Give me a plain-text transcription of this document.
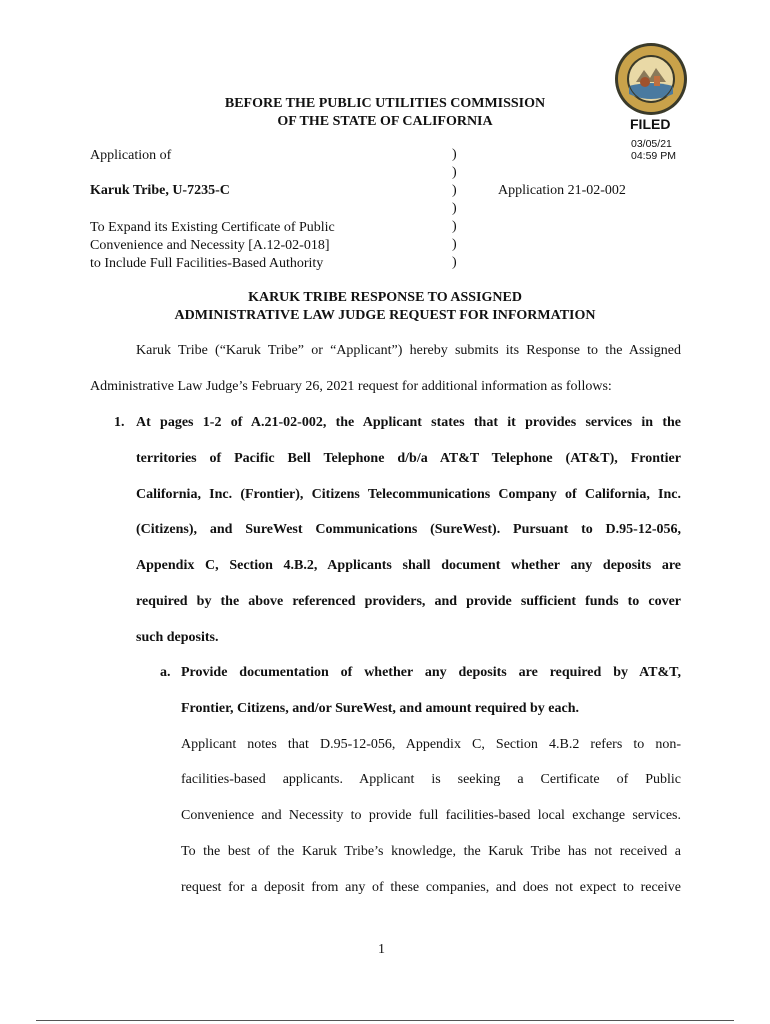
BEFORE THE PUBLIC UTILITIES COMMISSION
OF THE STATE OF CALIFORNIA	FILED
03/05/21
04:59 PM
Application of
Karuk Tribe, U-7235-C
To Expand its Existing Certificate of Public
Convenience and Necessity [A.12-02-018]
to Include Full Facilities-Based Authority
)
)
)
)
)
)
)
Application 21-02-002
KARUK TRIBE RESPONSE TO ASSIGNED
ADMINISTRATIVE LAW JUDGE REQUEST FOR INFORMATION
Karuk Tribe (“Karuk Tribe” or “Applicant”) hereby submits its Response to the Assigned
Administrative Law Judge’s February 26, 2021 request for additional information as follows:
1. At pages 1-2 of A.21-02-002, the Applicant states that it provides services in the
territories of Pacific Bell Telephone d/b/a AT&T Telephone (AT&T), Frontier
California, Inc. (Frontier), Citizens Telecommunications Company of California, Inc.
(Citizens), and SureWest Communications (SureWest). Pursuant to D.95-12-056,
Appendix C, Section 4.B.2, Applicants shall document whether any deposits are
required by the above referenced providers, and provide sufficient funds to cover
such deposits.
a. Provide documentation of whether any deposits are required by AT&T,
Frontier, Citizens, and/or SureWest, and amount required by each.
Applicant notes that D.95-12-056, Appendix C, Section 4.B.2 refers to non-
facilities-based applicants. Applicant is seeking a Certificate of Public
Convenience and Necessity to provide full facilities-based local exchange services.
To the best of the Karuk Tribe’s knowledge, the Karuk Tribe has not received a
request for a deposit from any of these companies, and does not expect to receive
1
